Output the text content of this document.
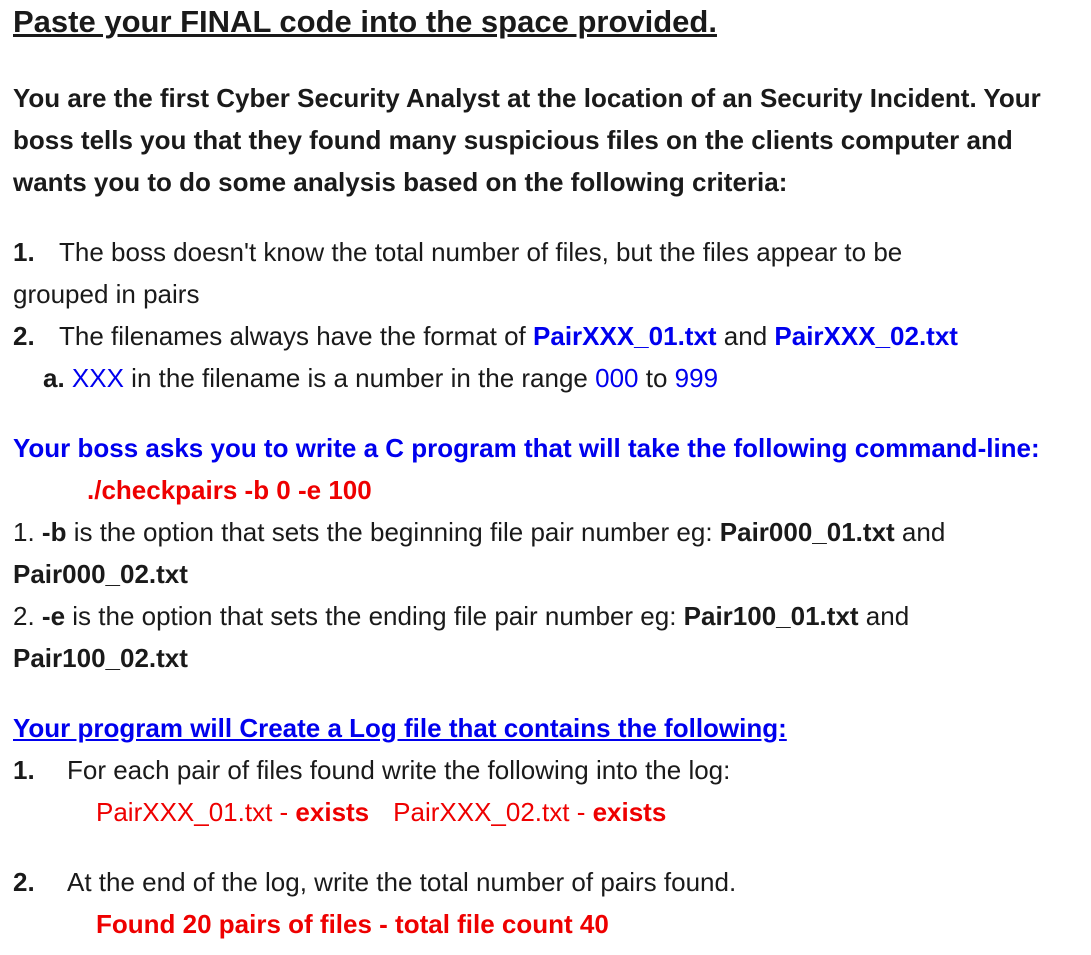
Paste your FINAL code into the space provided.
You are the first Cyber Security Analyst at the location of an Security Incident. Your
boss tells you that they found many suspicious files on the clients computer and
wants you to do some analysis based on the following criteria:
1. The boss doesn't know the total number of files, but the files appear to be
grouped in pairs
2. The filenames always have the format of PairXXX_01.txt and PairXXX_02.txt
a. XXX in the filename is a number in the range 000 to 999
Your boss asks you to write a C program that will take the following command-line:
./checkpairs -b 0 -e 100
1. -b is the option that sets the beginning file pair number eg: Pair000_01.txt and
Pair000_02.txt
2. -e is the option that sets the ending file pair number eg: Pair100_01.txt and
Pair100_02.txt
Your program will Create a Log file that contains the following:
1. For each pair of files found write the following into the log:
PairXXX_01.txt - exists PairXXX_02.txt - exists
2. At the end of the log, write the total number of pairs found.
Found 20 pairs of files - total file count 40
